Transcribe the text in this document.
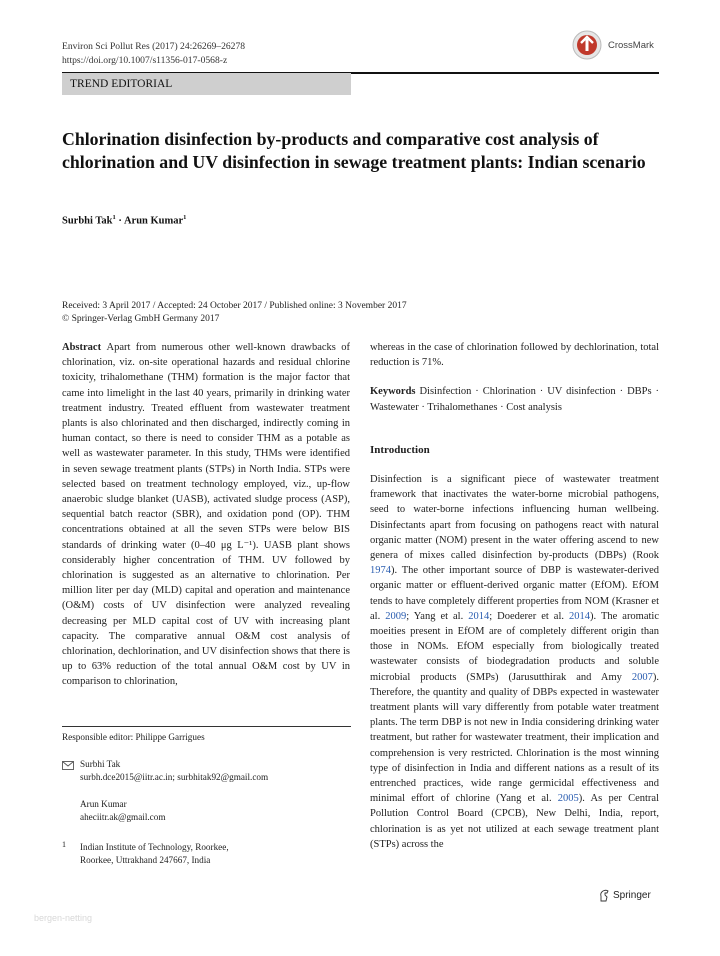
Environ Sci Pollut Res (2017) 24:26269–26278
https://doi.org/10.1007/s11356-017-0568-z
CrossMark
TREND EDITORIAL
Chlorination disinfection by-products and comparative cost analysis of chlorination and UV disinfection in sewage treatment plants: Indian scenario
Surbhi Tak$^1$ · Arun Kumar$^1$
Received: 3 April 2017 / Accepted: 24 October 2017 / Published online: 3 November 2017
© Springer-Verlag GmbH Germany 2017
Abstract Apart from numerous other well-known drawbacks of chlorination, viz. on-site operational hazards and residual chlorine toxicity, trihalomethane (THM) formation is the major factor that came into limelight in the last 40 years, primarily in drinking water treatment industry. Treated effluent from wastewater treatment plants is also chlorinated and then discharged, indirectly coming in human contact, so there is need to consider THM as a potable as well as wastewater parameter. In this study, THMs were identified in seven sewage treatment plants (STPs) in North India. STPs were selected based on treatment technology employed, viz., up-flow anaerobic sludge blanket (UASB), activated sludge process (ASP), sequential batch reactor (SBR), and oxidation pond (OP). THM concentrations obtained at all the seven STPs were below BIS standards of drinking water (0–40 μg L⁻¹). UASB plant shows considerably higher concentration of THM. UV followed by chlorination is suggested as an alternative to chlorination. Per million liter per day (MLD) capital and operation and maintenance (O&M) costs of UV disinfection were analyzed revealing decreasing per MLD capital cost of UV with increasing plant capacity. The comparative annual O&M cost analysis of chlorination, dechlorination, and UV disinfection shows that there is up to 63% reduction of the total annual O&M cost by UV in comparison to chlorination,
whereas in the case of chlorination followed by dechlorination, total reduction is 71%.
Keywords Disinfection · Chlorination · UV disinfection · DBPs · Wastewater · Trihalomethanes · Cost analysis
Introduction
Disinfection is a significant piece of wastewater treatment framework that inactivates the water-borne microbial pathogens, seed to water-borne infections influencing human wellbeing. Disinfectants apart from focusing on pathogens react with natural organic matter (NOM) present in the water offering ascend to new genera of mixes called disinfection by-products (DBPs) (Rook 1974). The other important source of DBP is wastewater-derived organic matter or effluent-derived organic matter (EfOM). EfOM tends to have completely different properties from NOM (Krasner et al. 2009; Yang et al. 2014; Doederer et al. 2014). The aromatic moeities present in EfOM are of completely different origin than those in NOMs. EfOM especially from biologically treated wastewater consists of biodegradation products and soluble microbial products (SMPs) (Jarusutthirak and Amy 2007). Therefore, the quantity and quality of DBPs expected in wastewater treatment plants will vary differently from potable water treatment plants. The term DBP is not new in India considering drinking water treatment, but rather for wastewater treatment, their implication and comprehension is very restricted. Chlorination is the most winning type of disinfection in India and different nations as a result of its entrenched practices, wide range germicidal effectiveness and minimal effort of chlorine (Yang et al. 2005). As per Central Pollution Control Board (CPCB), New Delhi, India, report, chlorination is as yet not utilized at each sewage treatment plant (STPs) across the
Responsible editor: Philippe Garrigues
Surbhi Tak
surbh.dce2015@iitr.ac.in; surbhitak92@gmail.com
Arun Kumar
aheciitr.ak@gmail.com
1 Indian Institute of Technology, Roorkee,
Roorkee, Uttrakhand 247667, India
Springer
bergen-netting
